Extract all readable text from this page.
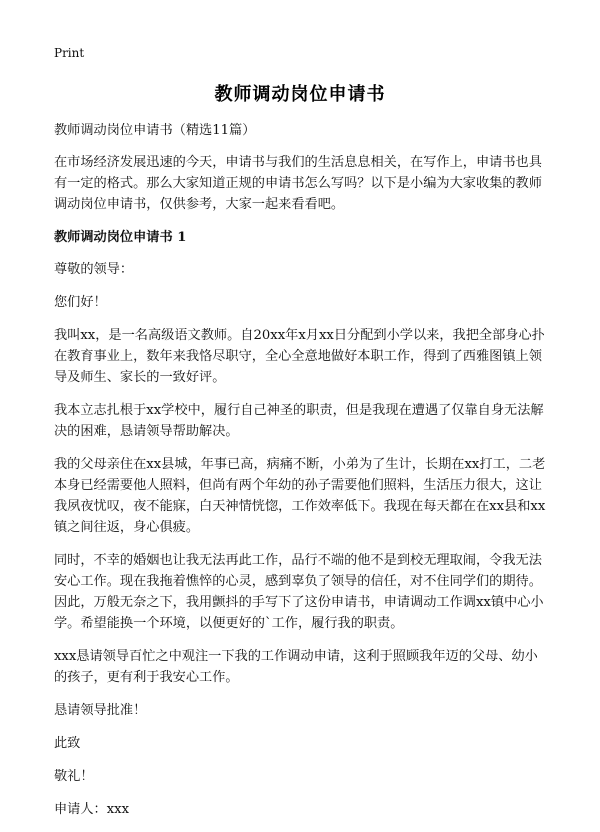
Print
教师调动岗位申请书

教师调动岗位申请书（精选11篇）

在市场经济发展迅速的今天，申请书与我们的生活息息相关，在写作上，申请书也具有一定的格式。那么大家知道正规的申请书怎么写吗？以下是小编为大家收集的教师调动岗位申请书，仅供参考，大家一起来看看吧。

教师调动岗位申请书 1

尊敬的领导：

您们好！

我叫xx，是一名高级语文教师。自20xx年x月xx日分配到小学以来，我把全部身心扑在教育事业上，数年来我恪尽职守，全心全意地做好本职工作，得到了西雅图镇上领导及师生、家长的一致好评。

我本立志扎根于xx学校中，履行自己神圣的职责，但是我现在遭遇了仅靠自身无法解决的困难，恳请领导帮助解决。

我的父母亲住在xx县城，年事已高，病痛不断，小弟为了生计，长期在xx打工，二老本身已经需要他人照料，但尚有两个年幼的孙子需要他们照料，生活压力很大，这让我夙夜忧叹，夜不能寐，白天神情恍惚，工作效率低下。我现在每天都在在xx县和xx镇之间往返，身心俱疲。

同时，不幸的婚姻也让我无法再此工作，品行不端的他不是到校无理取闹，令我无法安心工作。现在我拖着憔悴的心灵，感到辜负了领导的信任，对不住同学们的期待。因此，万般无奈之下，我用颤抖的手写下了这份申请书，申请调动工作调xx镇中心小学。希望能换一个环境，以便更好的`工作，履行我的职责。

xxx恳请领导百忙之中观注一下我的工作调动申请，这利于照顾我年迈的父母、幼小的孩子，更有利于我安心工作。

恳请领导批准！

此致

敬礼！

申请人：xxx
